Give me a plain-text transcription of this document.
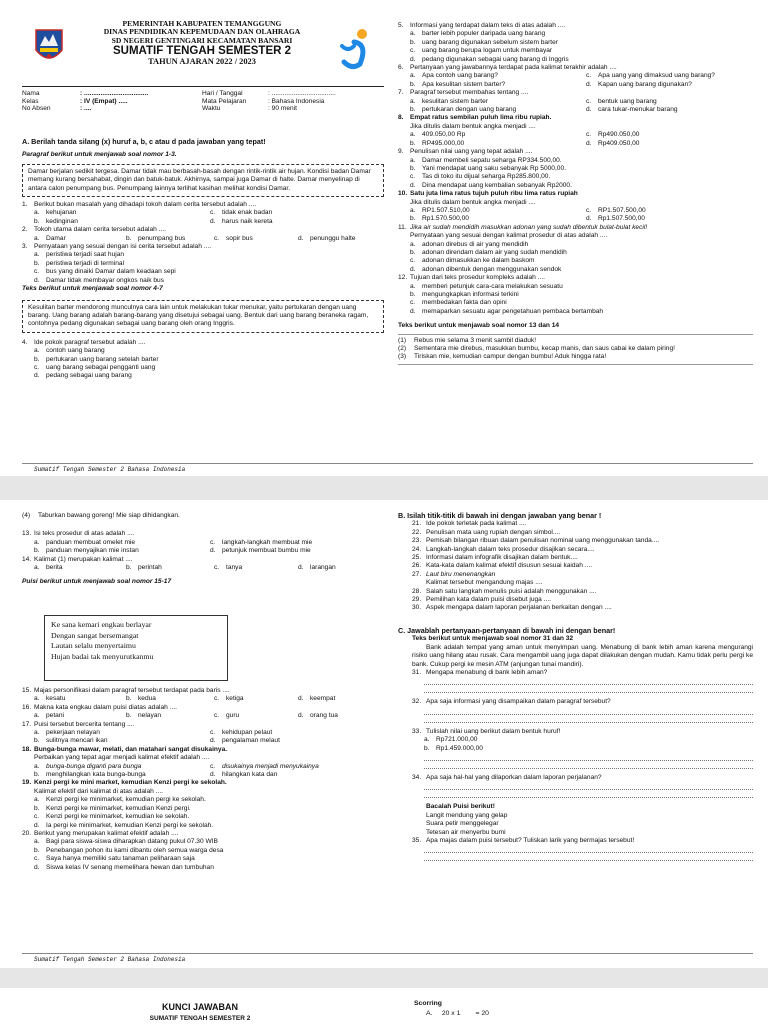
PEMERINTAH KABUPATEN TEMANGGUNG
DINAS PENDIDIKAN KEPEMUDAAN DAN OLAHRAGA
SD NEGERI GENTINGARI KECAMATAN BANSARI
SUMATIF TENGAH SEMESTER 2
TAHUN AJARAN 2022 / 2023
Nama	: ...................................	Hari / Tanggal	: ...................................
Kelas	: IV (Empat) .....	Mata Pelajaran	: Bahasa Indonesia
No Absen	: ....	Waktu	: 90 menit
A. Berilah tanda silang (x) huruf a, b, c atau d pada jawaban yang tepat!
Paragraf berikut untuk menjawab soal nomor 1-3.
Damar berjalan sedikit tergesa. Damar tidak mau berbasah-basah dengan rintik-rintik air hujan. Kondisi badan Damar memang kurang bersahabat, dingin dan batuk-batuk. Akhirnya, sampai juga Damar di halte. Damar menyelinap di antara calon penumpang bus. Penumpang lainnya terlihat kasihan melihat kondisi Damar.
1. Berikut bukan masalah yang dihadapi tokoh dalam cerita tersebut adalah ....
a. kehujanan	c.	tidak enak badan
b. kedinginan	d. harus naik kereta
2. Tokoh utama dalam cerita tersebut adalah ....
a. Damar	b. penumpang bus	c.	sopir bus	d. penunggu halte
3. Pernyataan yang sesuai dengan isi cerita tersebut adalah ....
a. peristiwa terjadi saat hujan
b. peristiwa terjadi di terminal
c.	bus yang dinaiki Damar dalam keadaan sepi
d. Damar tidak membayar ongkos naik bus
Teks berikut untuk menjawab soal nomor 4-7
Kesulitan barter mendorong munculnya cara lain untuk melakukan tukar menukar, yaitu pertukaran dengan uang barang. Uang barang adalah barang-barang yang disetujui sebagai uang. Bentuk dari uang barang beraneka ragam, contohnya pedang digunakan sebagai uang barang oleh orang Inggris.
4. Ide pokok paragraf tersebut adalah ....
a. contoh uang barang
b. pertukaran uang barang setelah barter
c.	uang barang sebagai pengganti uang
d. pedang sebagai uang barang
5. Informasi yang terdapat dalam teks di atas adalah ....
a. barter lebih populer daripada uang barang
b. uang barang digunakan sebelum sistem barter
c.	uang barang berupa logam untuk membayar
d. pedang digunakan sebagai uang barang di Inggris
6. Pertanyaan yang jawabannya terdapat pada kalimat terakhir adalah ....
a. Apa contoh uang barang?	c.	Apa uang yang dimaksud uang barang?
b. Apa kesulitan sistem barter?	d. Kapan uang barang digunakan?
7. Paragraf tersebut membahas tentang ....
a. kesulitan sistem barter	c.	bentuk uang barang
b. pertukaran dengan uang barang	d. cara tukar-menukar barang
8. Empat ratus sembilan puluh lima ribu rupiah.
Jika ditulis dalam bentuk angka menjadi ....
a. 409.050,00 Rp	c.	Rp490.050,00
b. RP495.000,00	d. Rp409.050,00
9. Penulisan nilai uang yang tepat adalah ....
a. Damar membeli sepatu seharga RP334.500,00.
b. Yani mendapat uang saku sebanyak Rp 5000,00.
c.	Tas di toko itu dijual seharga Rp285.800,00.
d. Dina mendapat uang kembalian sebanyak Rp2000.
10. Satu juta lima ratus tujuh puluh ribu lima ratus rupiah
Jika ditulis dalam bentuk angka menjadi ....
a. RP1.507.510,00	c.	RP1.507.500,00
b. Rp1.570.500,00	d. Rp1.507.500,00
11. Jika air sudah mendidih masukkan adonan yang sudah dibentuk bulat-bulat kecil!
Pernyataan yang sesuai dengan kalimat prosedur di atas adalah ....
a. adonan direbus di air yang mendidih
b. adonan direndam dalam air yang sudah mendidih
c.	adonan dimasukkan ke dalam baskom
d. adonan dibentuk dengan menggunakan sendok
12. Tujuan dari teks prosedur kompleks adalah ....
a. memberi petunjuk cara-cara melakukan sesuatu
b. mengungkapkan informasi terkini
c.	membedakan fakta dan opini
d. memaparkan sesuatu agar pengetahuan pembaca bertambah
Teks berikut untuk menjawab soal nomor 13 dan 14
(1)	Rebus mie selama 3 menit sambil diaduk!
(2)	Sementara mie direbus, masukkan bumbu, kecap manis, dan saus cabai ke dalam piring!
(3)	Tiriskan mie, kemudian campur dengan bumbu! Aduk hingga rata!
Sumatif Tengah Semester 2 Bahasa Indonesia
(4)	Taburkan bawang goreng! Mie siap dihidangkan.
13. Isi teks prosedur di atas adalah ....
a. panduan membuat omelet mie	c.	langkah-langkah membuat mie
b. panduan menyajikan mie instan	d. petunjuk membuat bumbu mie
14. Kalimat (1) merupakan kalimat ....
a. berita	b. perintah	c.	tanya	d. larangan
Puisi berikut untuk menjawab soal nomor 15-17
Ke sana kemari engkau berlayar
Dengan sangat bersemangat
Lautan selalu menyertaimu
Hujan badai tak menyurutkanmu
15. Majas personifikasi dalam paragraf tersebut terdapat pada baris ....
a. kesatu	b. kedua	c.	ketiga	d. keempat
16. Makna kata engkau dalam puisi diatas adalah ....
a. petani	b. nelayan	c.	guru	d. orang tua
17. Puisi tersebut bercerita tentang ....
a. pekerjaan nelayan	c.	kehidupan pelaut
b. sulitnya mencari ikan	d. pengalaman melaut
18. Bunga-bunga mawar, melati, dan matahari sangat disukainya.
Perbaikan yang tepat agar menjadi kalimat efektif adalah ....
a. bunga-bunga diganti para bunga	c.	disukainya menjadi menyukainya
b. menghilangkan kata bunga-bunga	d. hilangkan kata dan
19. Kenzi pergi ke mini market, kemudian Kenzi pergi ke sekolah.
Kalimat efektif dari kalimat di atas adalah ....
a. Kenzi pergi ke minimarket, kemudian pergi ke sekolah.
b. Kenzi pergi ke minimarket, kemudian Kenzi pergi.
c.	Kenzi pergi ke minimarket, kemudian ke sekolah.
d. Ia pergi ke minimarket, kemudian Kenzi pergi ke sekolah.
20. Berikut yang merupakan kalimat efektif adalah ....
a. Bagi para siswa-siswa diharapkan datang pukul 07.30 WIB
b. Penebangan pohon itu kami dibantu oleh semua warga desa
c.	Saya hanya memiliki satu tanaman peliharaan saja
d. Siswa kelas IV senang memelihara hewan dan tumbuhan
B. Isilah titik-titik di bawah ini dengan jawaban yang benar !
21. Ide pokok terletak pada kalimat ....
22. Penulisan mata uang rupiah dengan simbol....
23. Pemisah bilangan ribuan dalam penulisan nominal uang menggunakan tanda....
24. Langkah-langkah dalam teks prosedur disajikan secara....
25. Informasi dalam infografik disajikan dalam bentuk....
26. Kata-kata dalam kalimat efektif disusun sesuai kaidah ....
27. Laut biru menenangkan
Kalimat tersebut mengandung majas ....
28. Salah satu langkah menulis puisi adalah menggunakan ....
29. Pemilihan kata dalam puisi disebut juga ....
30. Aspek mengapa dalam laporan perjalanan berkaitan dengan ....
C. Jawablah pertanyaan-pertanyaan di bawah ini dengan benar!
Teks berikut untuk menjawab soal nomor 31 dan 32
Bank adalah tempat yang aman untuk menyimpan uang. Menabung di bank lebih aman karena mengurangi risiko uang hilang atau rusak. Cara mengambil uang juga dapat dilakukan dengan mudah. Kamu tidak perlu pergi ke bank. Cukup pergi ke mesin ATM (anjungan tunai mandiri).
31. Mengapa menabung di bank lebih aman?
32. Apa saja informasi yang disampaikan dalam paragraf tersebut?
33. Tulislah nilai uang berikut dalam bentuk huruf!
a. Rp721.000,00
b. Rp1.459.000,00
34. Apa saja hal-hal yang dilaporkan dalam laporan perjalanan?
Bacalah Puisi berikut!
Langit mendung yang gelap
Suara petir menggelegar
Tetesan air menyerbu bumi
35. Apa majas dalam puisi tersebut? Tuliskan larik yang bermajas tersebut!
Sumatif Tengah Semester 2 Bahasa Indonesia
KUNCI JAWABAN
SUMATIF TENGAH SEMESTER 2
Scorring
A.     20 x 1        = 20
